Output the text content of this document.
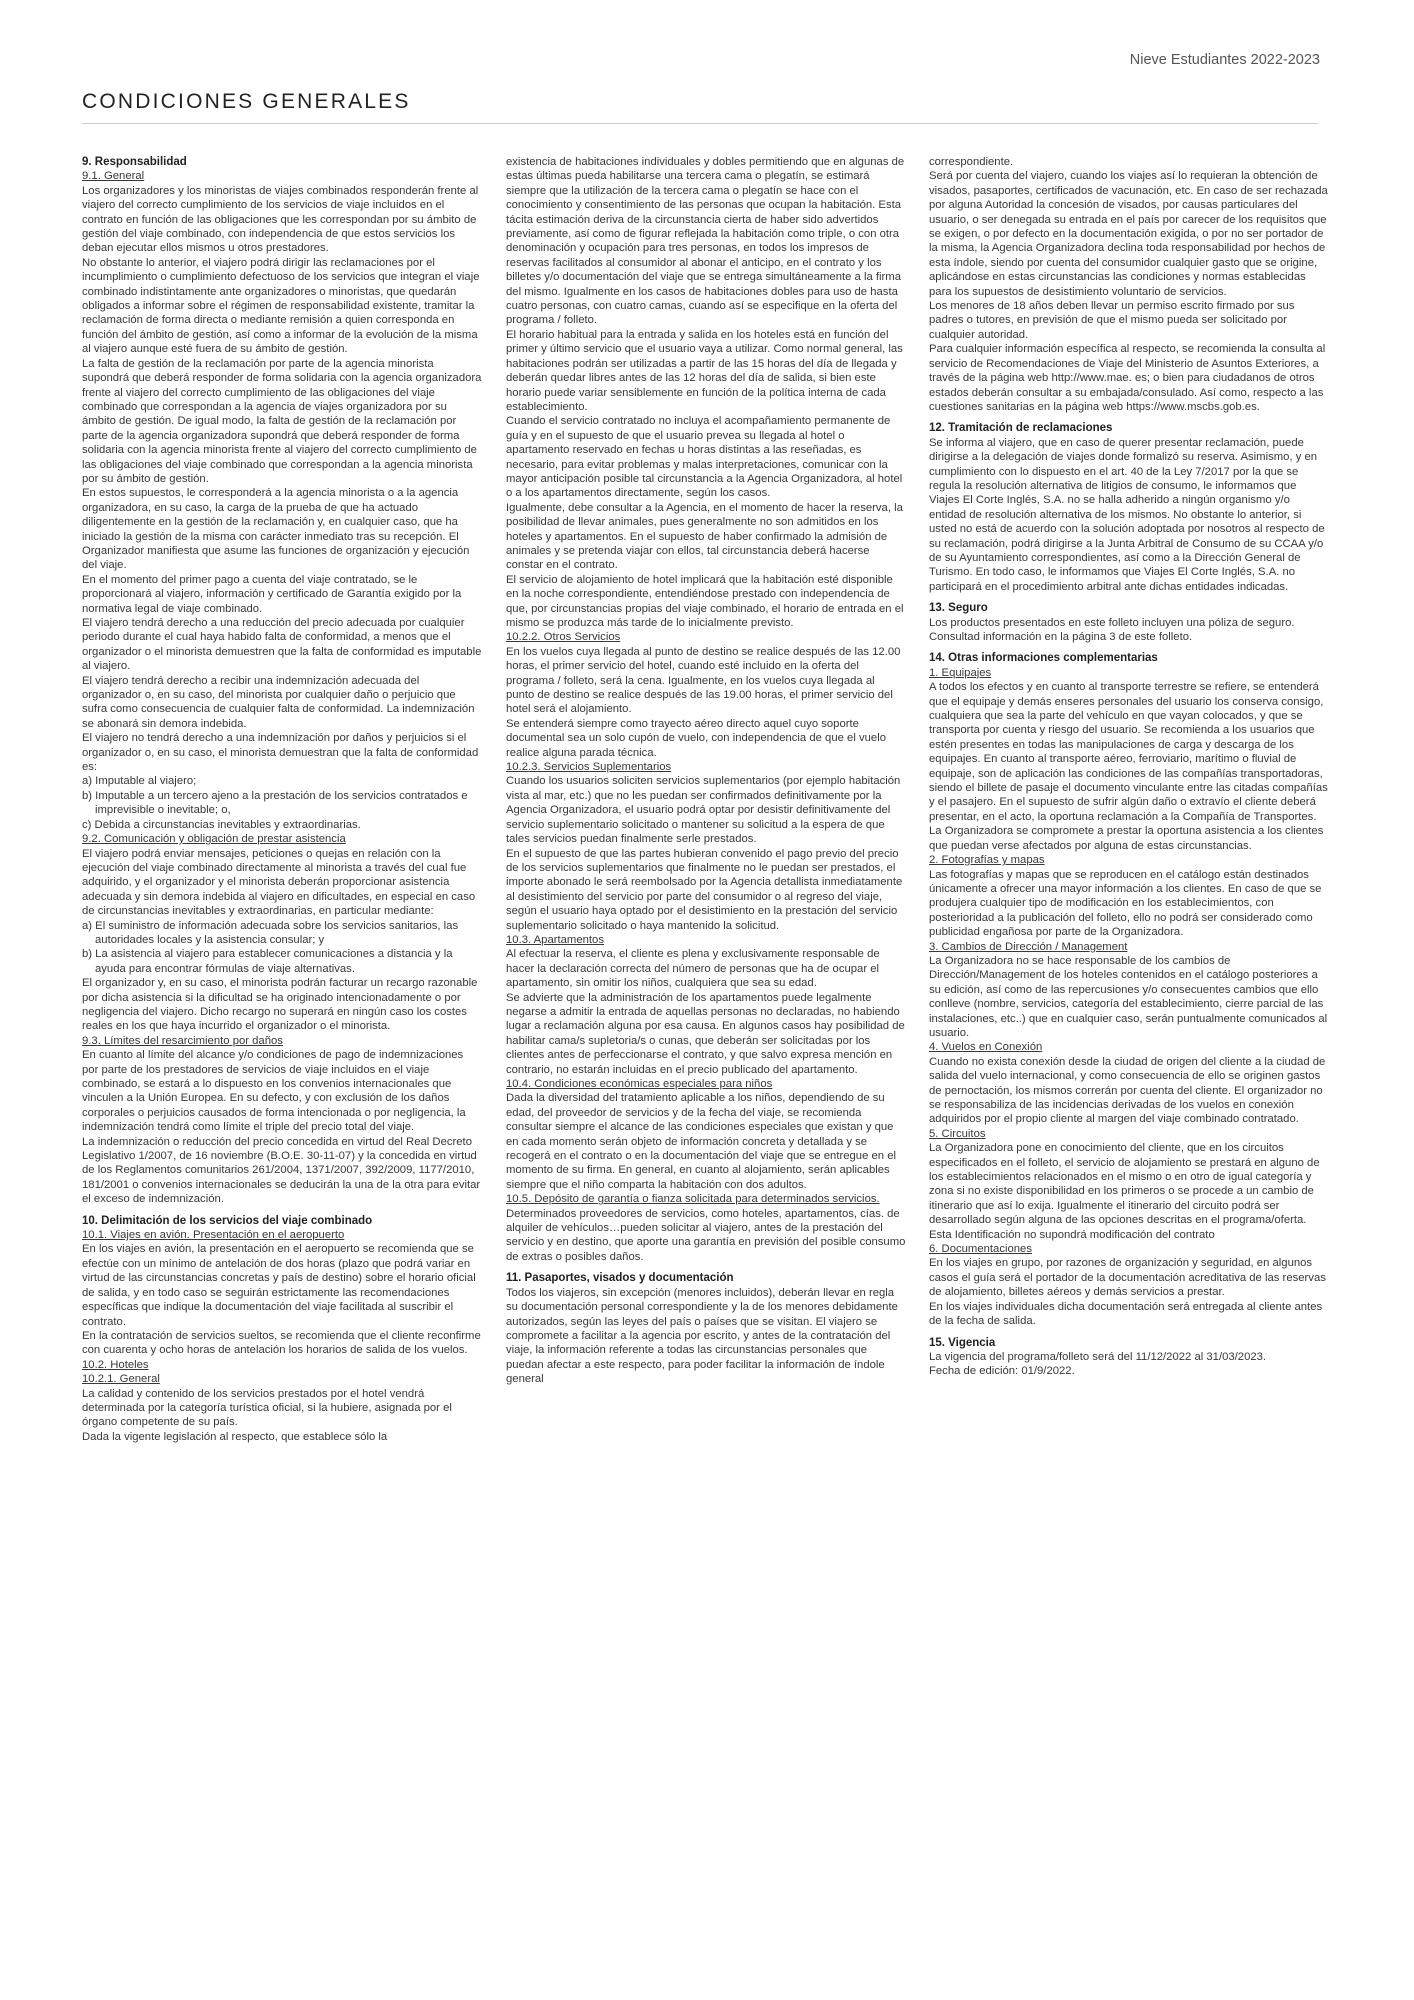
Nieve Estudiantes 2022-2023
CONDICIONES GENERALES

9. Responsabilidad

9.1. General

Los organizadores y los minoristas de viajes combinados responderán frente al viajero del correcto cumplimiento de los servicios de viaje incluidos en el contrato en función de las obligaciones que les correspondan por su ámbito de gestión del viaje combinado, con independencia de que estos servicios los deban ejecutar ellos mismos u otros prestadores.

No obstante lo anterior, el viajero podrá dirigir las reclamaciones por el incumplimiento o cumplimiento defectuoso de los servicios que integran el viaje combinado indistintamente ante organizadores o minoristas, que quedarán obligados a informar sobre el régimen de responsabilidad existente, tramitar la reclamación de forma directa o mediante remisión a quien corresponda en función del ámbito de gestión, así como a informar de la evolución de la misma al viajero aunque esté fuera de su ámbito de gestión.

La falta de gestión de la reclamación por parte de la agencia minorista supondrá que deberá responder de forma solidaria con la agencia organizadora frente al viajero del correcto cumplimiento de las obligaciones del viaje combinado que correspondan a la agencia de viajes organizadora por su ámbito de gestión. De igual modo, la falta de gestión de la reclamación por parte de la agencia organizadora supondrá que deberá responder de forma solidaria con la agencia minorista frente al viajero del correcto cumplimiento de las obligaciones del viaje combinado que correspondan a la agencia minorista por su ámbito de gestión.

En estos supuestos, le corresponderá a la agencia minorista o a la agencia organizadora, en su caso, la carga de la prueba de que ha actuado diligentemente en la gestión de la reclamación y, en cualquier caso, que ha iniciado la gestión de la misma con carácter inmediato tras su recepción. El Organizador manifiesta que asume las funciones de organización y ejecución del viaje.

En el momento del primer pago a cuenta del viaje contratado, se le proporcionará al viajero, información y certificado de Garantía exigido por la normativa legal de viaje combinado.

El viajero tendrá derecho a una reducción del precio adecuada por cualquier periodo durante el cual haya habido falta de conformidad, a menos que el organizador o el minorista demuestren que la falta de conformidad es imputable al viajero.

El viajero tendrá derecho a recibir una indemnización adecuada del organizador o, en su caso, del minorista por cualquier daño o perjuicio que sufra como consecuencia de cualquier falta de conformidad. La indemnización se abonará sin demora indebida.

El viajero no tendrá derecho a una indemnización por daños y perjuicios si el organizador o, en su caso, el minorista demuestran que la falta de conformidad es:

a) Imputable al viajero;

b) Imputable a un tercero ajeno a la prestación de los servicios contratados e imprevisible o inevitable; o,

c) Debida a circunstancias inevitables y extraordinarias.

9.2. Comunicación y obligación de prestar asistencia

El viajero podrá enviar mensajes, peticiones o quejas en relación con la ejecución del viaje combinado directamente al minorista a través del cual fue adquirido, y el organizador y el minorista deberán proporcionar asistencia adecuada y sin demora indebida al viajero en dificultades, en especial en caso de circunstancias inevitables y extraordinarias, en particular mediante:

a) El suministro de información adecuada sobre los servicios sanitarios, las autoridades locales y la asistencia consular; y

b) La asistencia al viajero para establecer comunicaciones a distancia y la ayuda para encontrar fórmulas de viaje alternativas.

El organizador y, en su caso, el minorista podrán facturar un recargo razonable por dicha asistencia si la dificultad se ha originado intencionadamente o por negligencia del viajero. Dicho recargo no superará en ningún caso los costes reales en los que haya incurrido el organizador o el minorista.

9.3. Límites del resarcimiento por daños

En cuanto al límite del alcance y/o condiciones de pago de indemnizaciones por parte de los prestadores de servicios de viaje incluidos en el viaje combinado, se estará a lo dispuesto en los convenios internacionales que vinculen a la Unión Europea. En su defecto, y con exclusión de los daños corporales o perjuicios causados de forma intencionada o por negligencia, la indemnización tendrá como límite el triple del precio total del viaje.

La indemnización o reducción del precio concedida en virtud del Real Decreto Legislativo 1/2007, de 16 noviembre (B.O.E. 30-11-07) y la concedida en virtud de los Reglamentos comunitarios 261/2004, 1371/2007, 392/2009, 1177/2010, 181/2001 o convenios internacionales se deducirán la una de la otra para evitar el exceso de indemnización.

10. Delimitación de los servicios del viaje combinado

10.1. Viajes en avión. Presentación en el aeropuerto

En los viajes en avión, la presentación en el aeropuerto se recomienda que se efectúe con un mínimo de antelación de dos horas (plazo que podrá variar en virtud de las circunstancias concretas y país de destino) sobre el horario oficial de salida, y en todo caso se seguirán estrictamente las recomendaciones específicas que indique la documentación del viaje facilitada al suscribir el contrato.

En la contratación de servicios sueltos, se recomienda que el cliente reconfirme con cuarenta y ocho horas de antelación los horarios de salida de los vuelos.

10.2. Hoteles

10.2.1. General

La calidad y contenido de los servicios prestados por el hotel vendrá determinada por la categoría turística oficial, si la hubiere, asignada por el órgano competente de su país.

Dada la vigente legislación al respecto, que establece sólo la

existencia de habitaciones individuales y dobles permitiendo que en algunas de estas últimas pueda habilitarse una tercera cama o plegatín, se estimará siempre que la utilización de la tercera cama o plegatín se hace con el conocimiento y consentimiento de las personas que ocupan la habitación. Esta tácita estimación deriva de la circunstancia cierta de haber sido advertidos previamente, así como de figurar reflejada la habitación como triple, o con otra denominación y ocupación para tres personas, en todos los impresos de reservas facilitados al consumidor al abonar el anticipo, en el contrato y los billetes y/o documentación del viaje que se entrega simultáneamente a la firma del mismo. Igualmente en los casos de habitaciones dobles para uso de hasta cuatro personas, con cuatro camas, cuando así se especifique en la oferta del programa / folleto.

El horario habitual para la entrada y salida en los hoteles está en función del primer y último servicio que el usuario vaya a utilizar. Como normal general, las habitaciones podrán ser utilizadas a partir de las 15 horas del día de llegada y deberán quedar libres antes de las 12 horas del día de salida, si bien este horario puede variar sensiblemente en función de la política interna de cada establecimiento.

Cuando el servicio contratado no incluya el acompañamiento permanente de guía y en el supuesto de que el usuario prevea su llegada al hotel o apartamento reservado en fechas u horas distintas a las reseñadas, es necesario, para evitar problemas y malas interpretaciones, comunicar con la mayor anticipación posible tal circunstancia a la Agencia Organizadora, al hotel o a los apartamentos directamente, según los casos.

Igualmente, debe consultar a la Agencia, en el momento de hacer la reserva, la posibilidad de llevar animales, pues generalmente no son admitidos en los hoteles y apartamentos. En el supuesto de haber confirmado la admisión de animales y se pretenda viajar con ellos, tal circunstancia deberá hacerse constar en el contrato.

El servicio de alojamiento de hotel implicará que la habitación esté disponible en la noche correspondiente, entendiéndose prestado con independencia de que, por circunstancias propias del viaje combinado, el horario de entrada en el mismo se produzca más tarde de lo inicialmente previsto.

10.2.2. Otros Servicios

En los vuelos cuya llegada al punto de destino se realice después de las 12.00 horas, el primer servicio del hotel, cuando esté incluido en la oferta del programa / folleto, será la cena. Igualmente, en los vuelos cuya llegada al punto de destino se realice después de las 19.00 horas, el primer servicio del hotel será el alojamiento.

Se entenderá siempre como trayecto aéreo directo aquel cuyo soporte documental sea un solo cupón de vuelo, con independencia de que el vuelo realice alguna parada técnica.

10.2.3. Servicios Suplementarios

Cuando los usuarios soliciten servicios suplementarios (por ejemplo habitación vista al mar, etc.) que no les puedan ser confirmados definitivamente por la Agencia Organizadora, el usuario podrá optar por desistir definitivamente del servicio suplementario solicitado o mantener su solicitud a la espera de que tales servicios puedan finalmente serle prestados.

En el supuesto de que las partes hubieran convenido el pago previo del precio de los servicios suplementarios que finalmente no le puedan ser prestados, el importe abonado le será reembolsado por la Agencia detallista inmediatamente al desistimiento del servicio por parte del consumidor o al regreso del viaje, según el usuario haya optado por el desistimiento en la prestación del servicio suplementario solicitado o haya mantenido la solicitud.

10.3. Apartamentos

Al efectuar la reserva, el cliente es plena y exclusivamente responsable de hacer la declaración correcta del número de personas que ha de ocupar el apartamento, sin omitir los niños, cualquiera que sea su edad.

Se advierte que la administración de los apartamentos puede legalmente negarse a admitir la entrada de aquellas personas no declaradas, no habiendo lugar a reclamación alguna por esa causa. En algunos casos hay posibilidad de habilitar cama/s supletoria/s o cunas, que deberán ser solicitadas por los clientes antes de perfeccionarse el contrato, y que salvo expresa mención en contrario, no estarán incluidas en el precio publicado del apartamento.

10.4. Condiciones económicas especiales para niños

Dada la diversidad del tratamiento aplicable a los niños, dependiendo de su edad, del proveedor de servicios y de la fecha del viaje, se recomienda consultar siempre el alcance de las condiciones especiales que existan y que en cada momento serán objeto de información concreta y detallada y se recogerá en el contrato o en la documentación del viaje que se entregue en el momento de su firma. En general, en cuanto al alojamiento, serán aplicables siempre que el niño comparta la habitación con dos adultos.

10.5. Depósito de garantía o fianza solicitada para determinados servicios.

Determinados proveedores de servicios, como hoteles, apartamentos, cías. de alquiler de vehículos…pueden solicitar al viajero, antes de la prestación del servicio y en destino, que aporte una garantía en previsión del posible consumo de extras o posibles daños.

11. Pasaportes, visados y documentación

Todos los viajeros, sin excepción (menores incluidos), deberán llevar en regla su documentación personal correspondiente y la de los menores debidamente autorizados, según las leyes del país o países que se visitan. El viajero se compromete a facilitar a la agencia por escrito, y antes de la contratación del viaje, la información referente a todas las circunstancias personales que puedan afectar a este respecto, para poder facilitar la información de índole general

correspondiente.

Será por cuenta del viajero, cuando los viajes así lo requieran la obtención de visados, pasaportes, certificados de vacunación, etc. En caso de ser rechazada por alguna Autoridad la concesión de visados, por causas particulares del usuario, o ser denegada su entrada en el país por carecer de los requisitos que se exigen, o por defecto en la documentación exigida, o por no ser portador de la misma, la Agencia Organizadora declina toda responsabilidad por hechos de esta índole, siendo por cuenta del consumidor cualquier gasto que se origine, aplicándose en estas circunstancias las condiciones y normas establecidas para los supuestos de desistimiento voluntario de servicios.

Los menores de 18 años deben llevar un permiso escrito firmado por sus padres o tutores, en previsión de que el mismo pueda ser solicitado por cualquier autoridad.

Para cualquier información específica al respecto, se recomienda la consulta al servicio de Recomendaciones de Viaje del Ministerio de Asuntos Exteriores, a través de la página web http://www.mae. es; o bien para ciudadanos de otros estados deberán consultar a su embajada/consulado. Así como, respecto a las cuestiones sanitarias en la página web https://www.mscbs.gob.es.

12. Tramitación de reclamaciones

Se informa al viajero, que en caso de querer presentar reclamación, puede dirigirse a la delegación de viajes donde formalizó su reserva. Asimismo, y en cumplimiento con lo dispuesto en el art. 40 de la Ley 7/2017 por la que se regula la resolución alternativa de litigios de consumo, le informamos que Viajes El Corte Inglés, S.A. no se halla adherido a ningún organismo y/o entidad de resolución alternativa de los mismos. No obstante lo anterior, si usted no está de acuerdo con la solución adoptada por nosotros al respecto de su reclamación, podrá dirigirse a la Junta Arbitral de Consumo de su CCAA y/o de su Ayuntamiento correspondientes, así como a la Dirección General de Turismo. En todo caso, le informamos que Viajes El Corte Inglés, S.A. no participará en el procedimiento arbitral ante dichas entidades indicadas.

13. Seguro

Los productos presentados en este folleto incluyen una póliza de seguro. Consultad información en la página 3 de este folleto.

14. Otras informaciones complementarias

1. Equipajes

A todos los efectos y en cuanto al transporte terrestre se refiere, se entenderá que el equipaje y demás enseres personales del usuario los conserva consigo, cualquiera que sea la parte del vehículo en que vayan colocados, y que se transporta por cuenta y riesgo del usuario. Se recomienda a los usuarios que estén presentes en todas las manipulaciones de carga y descarga de los equipajes. En cuanto al transporte aéreo, ferroviario, marítimo o fluvial de equipaje, son de aplicación las condiciones de las compañías transportadoras, siendo el billete de pasaje el documento vinculante entre las citadas compañías y el pasajero. En el supuesto de sufrir algún daño o extravío el cliente deberá presentar, en el acto, la oportuna reclamación a la Compañía de Transportes. La Organizadora se compromete a prestar la oportuna asistencia a los clientes que puedan verse afectados por alguna de estas circunstancias.

2. Fotografías y mapas

Las fotografías y mapas que se reproducen en el catálogo están destinados únicamente a ofrecer una mayor información a los clientes. En caso de que se produjera cualquier tipo de modificación en los establecimientos, con posterioridad a la publicación del folleto, ello no podrá ser considerado como publicidad engañosa por parte de la Organizadora.

3. Cambios de Dirección / Management

La Organizadora no se hace responsable de los cambios de Dirección/Management de los hoteles contenidos en el catálogo posteriores a su edición, así como de las repercusiones y/o consecuentes cambios que ello conlleve (nombre, servicios, categoría del establecimiento, cierre parcial de las instalaciones, etc..) que en cualquier caso, serán puntualmente comunicados al usuario.

4. Vuelos en Conexión

Cuando no exista conexión desde la ciudad de origen del cliente a la ciudad de salida del vuelo internacional, y como consecuencia de ello se originen gastos de pernoctación, los mismos correrán por cuenta del cliente. El organizador no se responsabiliza de las incidencias derivadas de los vuelos en conexión adquiridos por el propio cliente al margen del viaje combinado contratado.

5. Circuitos

La Organizadora pone en conocimiento del cliente, que en los circuitos especificados en el folleto, el servicio de alojamiento se prestará en alguno de los establecimientos relacionados en el mismo o en otro de igual categoría y zona si no existe disponibilidad en los primeros o se procede a un cambio de itinerario que así lo exija. Igualmente el itinerario del circuito podrá ser desarrollado según alguna de las opciones descritas en el programa/oferta. Esta Identificación no supondrá modificación del contrato

6. Documentaciones

En los viajes en grupo, por razones de organización y seguridad, en algunos casos el guía será el portador de la documentación acreditativa de las reservas de alojamiento, billetes aéreos y demás servicios a prestar.

En los viajes individuales dicha documentación será entregada al cliente antes de la fecha de salida.

15. Vigencia

La vigencia del programa/folleto será del 11/12/2022 al 31/03/2023.

Fecha de edición: 01/9/2022.
